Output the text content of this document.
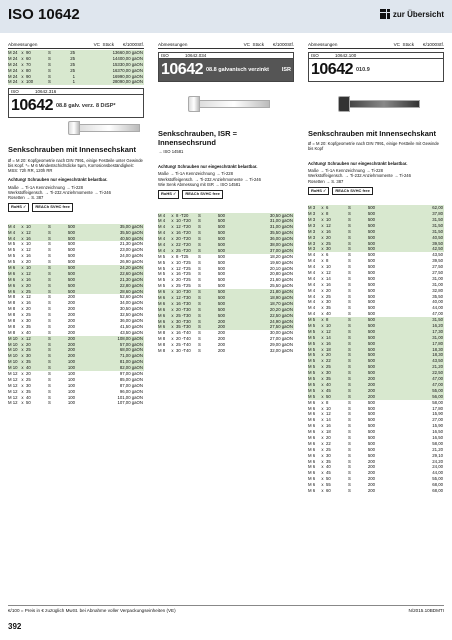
ISO 10642	zur Übersicht
Abmessungen	VC Stück	€/1000Stf.
M 24 x 90	S	25	13660,00 gaON
M 24 x 60	S	25	14400,00 gaON
M 24 x 70	S	25	15330,00 gaON
M 24 x 80	S	25	16370,00 gaON
M 24 x 90	S	1	16990,00 gaON
M 24 x 100	S	1	28090,00 gaON
ISO	10642.316
10642 08.8 galv. verz. 8 DiSP*
Senkschrauben mit Innensechskant
Ø = M 20: Kopfgeometrie nach DIN 7991, einige Festteile unter Gewinde bis Kopf. *= M 6 Mindestschichtdicke 5µm, Korrosionsbeständigkeit: MSS: 72h RR, 120h RR
Achtung! Schrauben nur eingeschränkt belastbar.
Maße → Ti-1A Kennzeichnung → Ti-228
Werkstoffeigensch. → Ti-232 Anziehmomente → Ti-246
Rosetten → S. 387
RoHS ✓	REACh SVHC free
M 4	x 10	S	500	35,00 gaON
M 4	x 12	S	500	35,50 gaON
M 4	x 16	S	500	40,50 gaON
M 5	x 10	S	500	21,30 gaON
M 5	x 12	S	500	23,00 gaON
M 5	x 16	S	500	24,00 gaON
M 5	x 20	S	500	26,90 gaON
M 6	x 10	S	500	24,20 gaON
M 6	x 12	S	500	22,60 gaON
M 6	x 16	S	500	21,30 gaON
M 6	x 20	S	500	22,80 gaON
M 6	x 25	S	500	28,60 gaON
M 8	x 12	S	200	52,60 gaON
M 8	x 16	S	200	34,00 gaON
M 8	x 20	S	200	30,50 gaON
M 8	x 25	S	200	32,50 gaON
M 8	x 30	S	200	36,00 gaON
M 8	x 35	S	200	41,50 gaON
M 8	x 40	S	200	43,50 gaON
M 10 x 12	S	200	108,00 gaON
M 10 x 20	S	200	57,00 gaON
M 10 x 25	S	200	68,00 gaON
M 10 x 30	S	200	71,00 gaON
M 10 x 35	S	100	81,00 gaON
M 10 x 40	S	100	82,00 gaON
M 12 x 20	S	100	97,00 gaON
M 12 x 25	S	100	85,00 gaON
M 12 x 30	S	100	87,00 gaON
M 12 x 35	S	100	96,00 gaON
M 12 x 40	S	100	101,00 gaON
M 12 x 50	S	100	107,00 gaON
Abmessungen	VC Stück	€/1000Stf.
ISO	10642.034
10642 08.8 galvanisch verzinkt	ISR
Senkschrauben, ISR = Innensechsrund
→ ISO 14581
Achtung! Schrauben nur eingeschränkt belastbar.
Maße → Ti-1A Kennzeichnung → Ti-228
Werkstoffeigensch. → Ti-232 Anziehmomente → Ti-246
Wie Senk Abmessung mit ISR → ISO 14581
RoHS ✓	REACh SVHC free
M 4	x 8 -T20	S	500	30,50 gaON
M 4	x 10 -T20	S	500	31,00 gaON
M 4	x 12 -T20	S	500	31,00 gaON
M 4	x 16 -T20	S	500	35,50 gaON
M 4	x 20 -T20	S	500	36,00 gaON
M 4	x 22 -T20	S	500	38,00 gaON
M 4	x 25 -T20	S	500	37,00 gaON
M 5	x 8 -T25	S	500	18,20 gaON
M 5	x 10 -T25	S	500	19,60 gaON
M 5	x 12 -T25	S	500	20,10 gaON
M 5	x 16 -T25	S	500	20,80 gaON
M 5	x 20 -T25	S	500	21,60 gaON
M 5	x 25 -T25	S	500	25,50 gaON
M 6	x 10 -T30	S	500	21,80 gaON
M 6	x 12 -T30	S	500	18,90 gaON
M 6	x 16 -T30	S	500	18,70 gaON
M 6	x 20 -T30	S	500	20,20 gaON
M 6	x 25 -T30	S	500	22,50 gaON
M 6	x 30 -T30	S	200	24,90 gaON
M 6	x 35 -T30	S	200	27,50 gaON
M 8	x 16 -T40	S	200	30,00 gaON
M 8	x 20 -T40	S	200	27,00 gaON
M 8	x 25 -T40	S	200	29,00 gaON
M 8	x 30 -T40	S	200	32,00 gaON
Abmessungen	VC Stück	€/1000Stf.
ISO	10642.100
10642 010.9
Senkschrauben mit Innensechskant
Ø = M 20: Kopfgeometrie nach DIN 7991, einige Festteile mit Gewinde bis Kopf
Achtung! Schrauben nur eingeschränkt belastbar.
Maße → Ti-1A Kennzeichnung → Ti-228
Werkstoffeigensch. → Ti-232 Anziehmomente → Ti-246
Rosetten → S. 387
RoHS ✓	REACh SVHC free
M 3	x 6	S	500	62,00
M 3	x 8	S	500	37,80
M 3	x 10	S	500	31,50
M 3	x 12	S	500	31,50
M 3	x 16	S	500	31,50
M 3	x 20	S	500	40,50
M 3	x 25	S	500	39,50
M 3	x 30	S	500	42,50
M 4	x 6	S	500	43,50
M 4	x 8	S	500	39,50
M 4	x 10	S	500	27,50
M 4	x 12	S	500	27,50
M 4	x 14	S	500	31,00
M 4	x 16	S	500	31,00
M 4	x 20	S	500	32,80
M 4	x 25	S	500	35,50
M 4	x 30	S	500	40,00
M 4	x 35	S	500	44,00
M 4	x 40	S	500	47,00
M 5	x 8	S	500	31,50
M 5	x 10	S	500	16,20
M 5	x 12	S	500	17,30
M 5	x 14	S	500	31,00
M 5	x 16	S	500	17,80
M 5	x 18	S	500	18,30
M 5	x 20	S	500	18,30
M 5	x 22	S	500	43,50
M 5	x 25	S	500	21,20
M 5	x 30	S	500	22,50
M 5	x 35	S	200	47,00
M 5	x 40	S	200	47,00
M 5	x 45	S	200	55,00
M 5	x 50	S	200	56,00
M 6	x 8	S	500	58,00
M 6	x 10	S	500	17,80
M 6	x 12	S	500	15,90
M 6	x 14	S	500	27,00
M 6	x 16	S	500	15,90
M 6	x 18	S	500	16,50
M 6	x 20	S	500	16,50
M 6	x 22	S	500	58,00
M 6	x 25	S	500	21,20
M 6	x 30	S	500	29,10
M 6	x 35	S	200	24,20
M 6	x 40	S	200	24,00
M 6	x 45	S	200	44,00
M 6	x 50	S	200	55,00
M 6	x 55	S	200	68,00
M 6	x 60	S	200	68,00
€/100 = Preis in € zuzüglich MwSt. bei Abnahme voller Verpackungseinheiten (VE)	N/2015.10BDMTI
392
